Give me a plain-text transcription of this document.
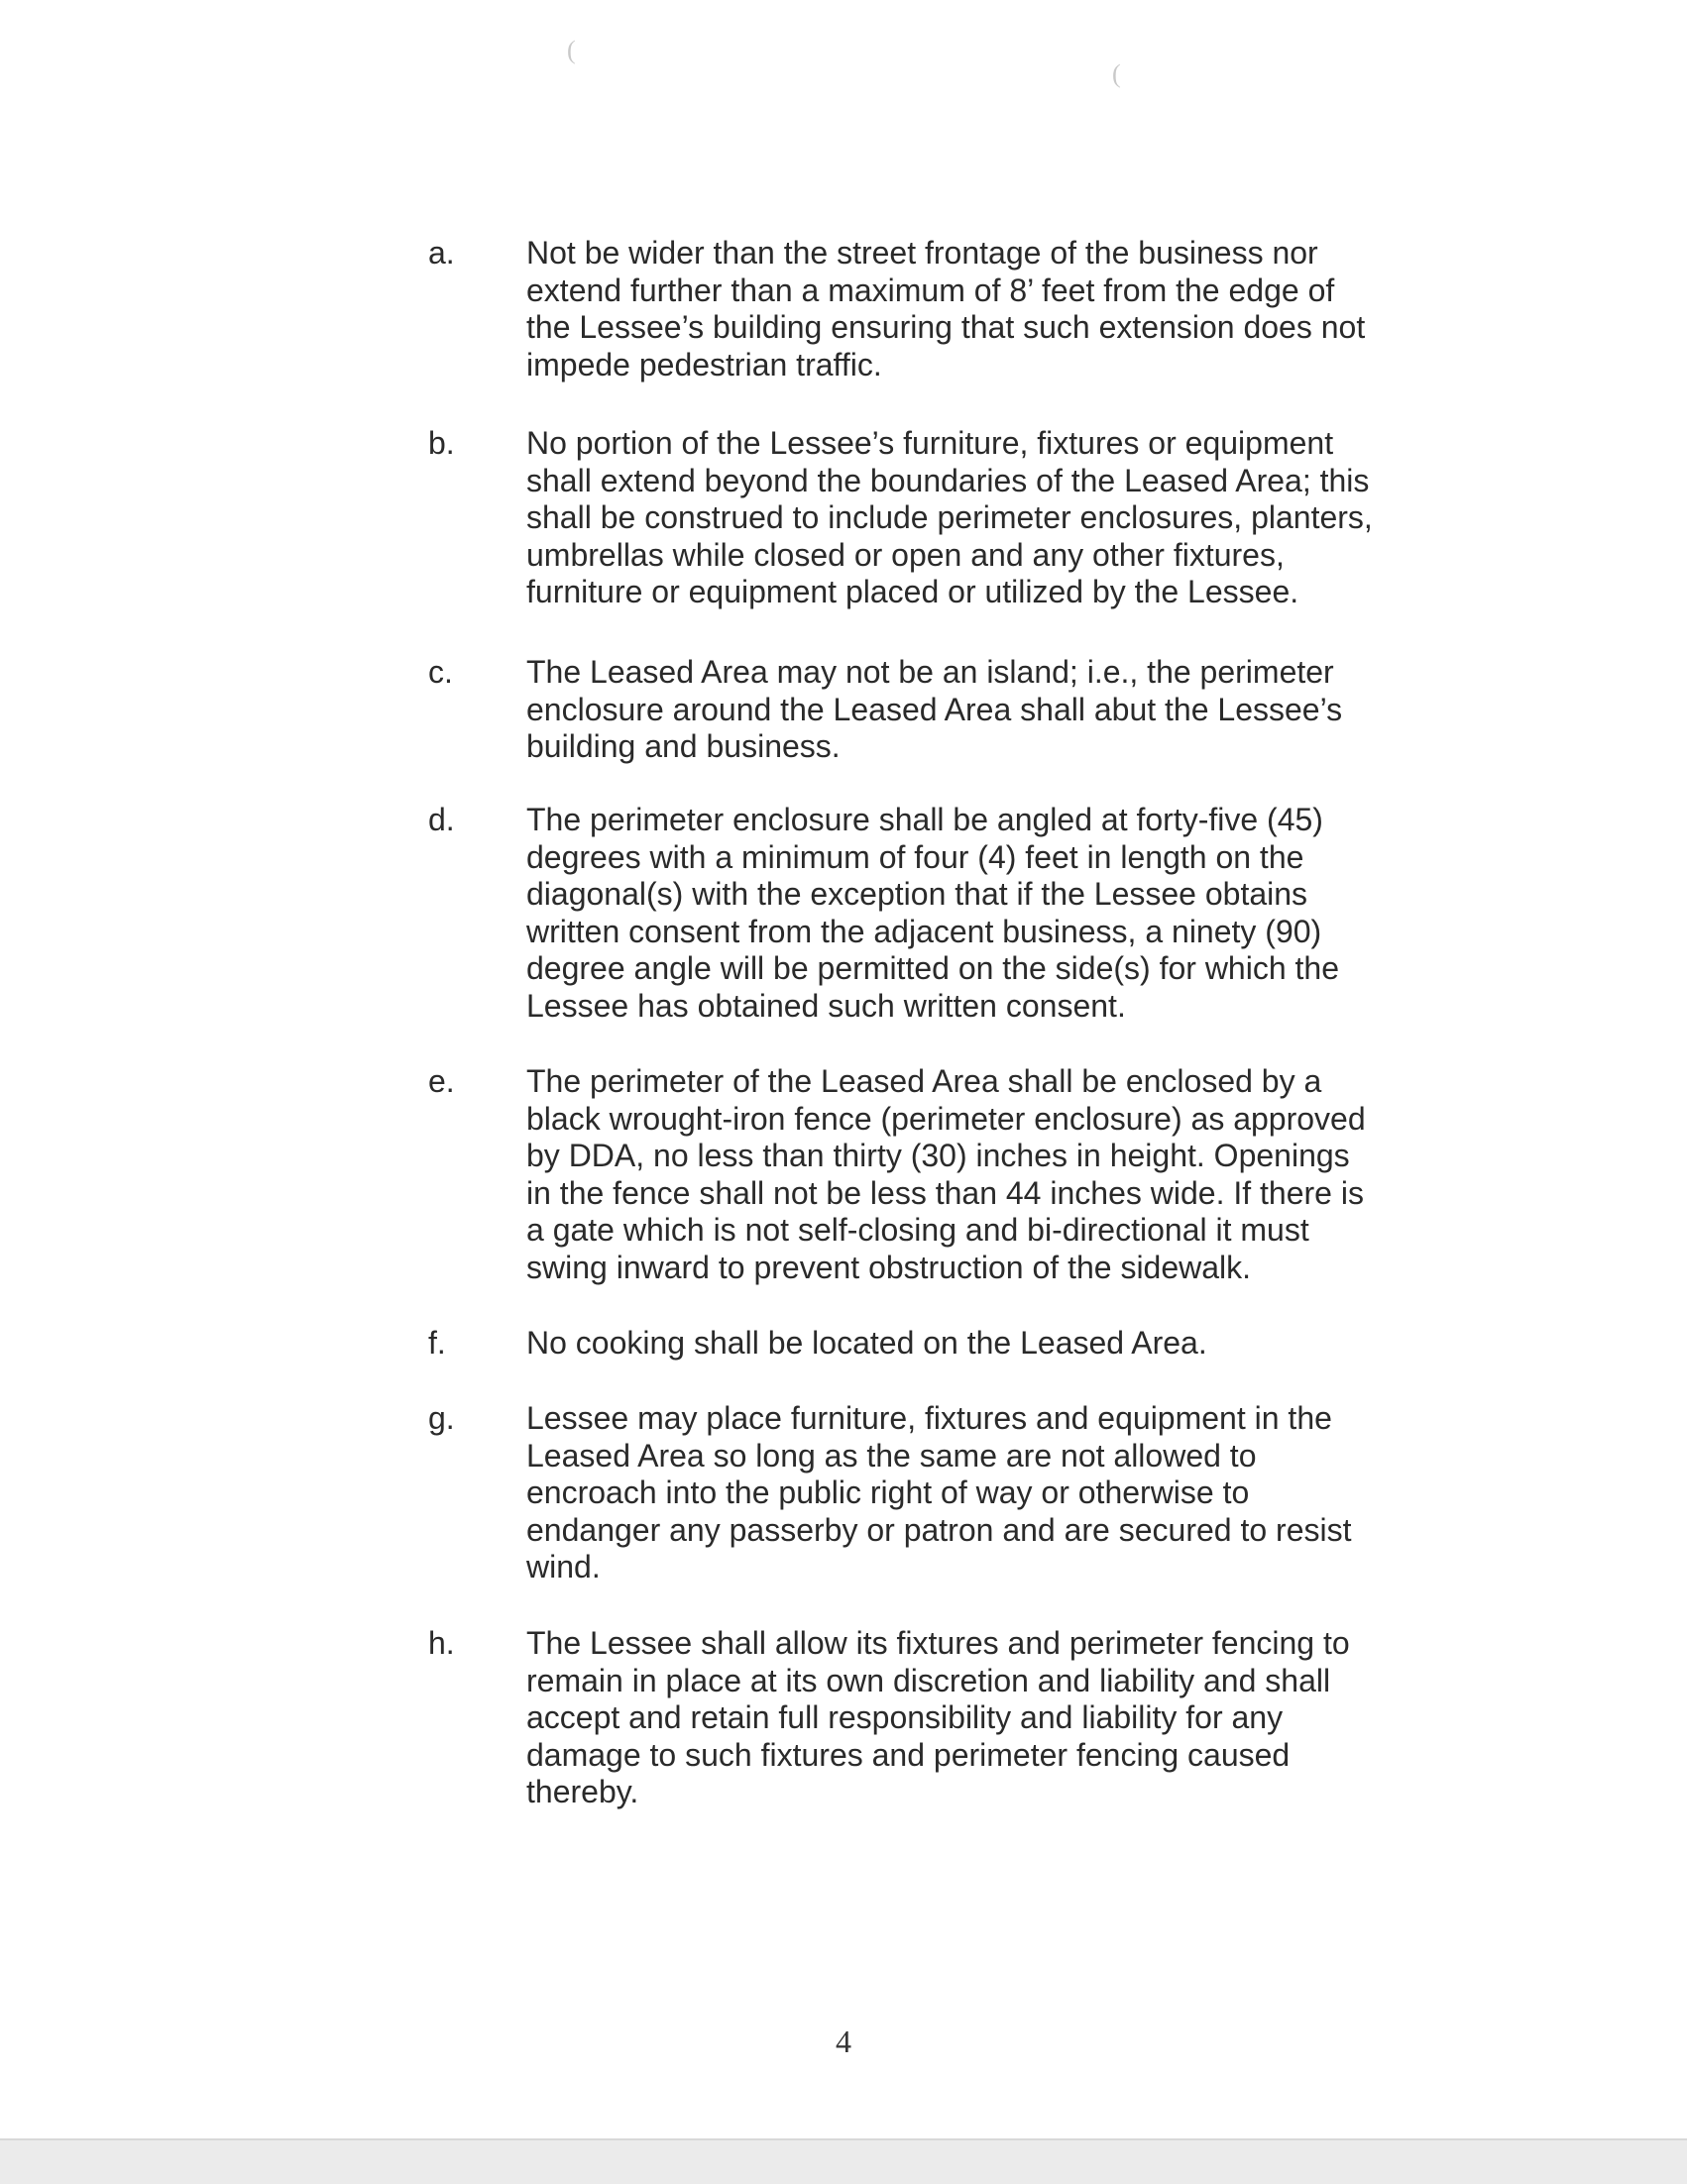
(
(
a. Not be wider than the street frontage of the business nor
extend further than a maximum of 8’ feet from the edge of
the Lessee’s building ensuring that such extension does not
impede pedestrian traffic.
b. No portion of the Lessee’s furniture, fixtures or equipment
shall extend beyond the boundaries of the Leased Area; this
shall be construed to include perimeter enclosures, planters,
umbrellas while closed or open and any other fixtures,
furniture or equipment placed or utilized by the Lessee.
c. The Leased Area may not be an island; i.e., the perimeter
enclosure around the Leased Area shall abut the Lessee’s
building and business.
d. The perimeter enclosure shall be angled at forty-five (45)
degrees with a minimum of four (4) feet in length on the
diagonal(s) with the exception that if the Lessee obtains
written consent from the adjacent business, a ninety (90)
degree angle will be permitted on the side(s) for which the
Lessee has obtained such written consent.
e. The perimeter of the Leased Area shall be enclosed by a
black wrought-iron fence (perimeter enclosure) as approved
by DDA, no less than thirty (30) inches in height. Openings
in the fence shall not be less than 44 inches wide. If there is
a gate which is not self-closing and bi-directional it must
swing inward to prevent obstruction of the sidewalk.
f.	No cooking shall be located on the Leased Area.
g. Lessee may place furniture, fixtures and equipment in the
Leased Area so long as the same are not allowed to
encroach into the public right of way or otherwise to
endanger any passerby or patron and are secured to resist
wind.
h. The Lessee shall allow its fixtures and perimeter fencing to
remain in place at its own discretion and liability and shall
accept and retain full responsibility and liability for any
damage to such fixtures and perimeter fencing caused
thereby.
4
